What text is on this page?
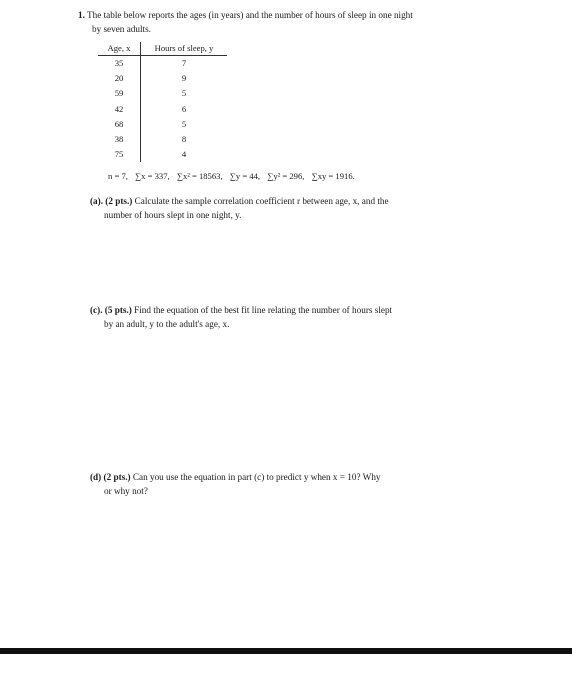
1. The table below reports the ages (in years) and the number of hours of sleep in one night
by seven adults.
Age, x	Hours of sleep, y
35	7
20	9
59	5
42	6
68	5
38	8
75	4
n = 7, ∑x = 337, ∑x² = 18563, ∑y = 44, ∑y² = 296, ∑xy = 1916.
(a). (2 pts.) Calculate the sample correlation coefficient r between age, x, and the
number of hours slept in one night, y.
(c). (5 pts.) Find the equation of the best fit line relating the number of hours slept
by an adult, y to the adult's age, x.
(d) (2 pts.) Can you use the equation in part (c) to predict y when x = 10? Why
or why not?
